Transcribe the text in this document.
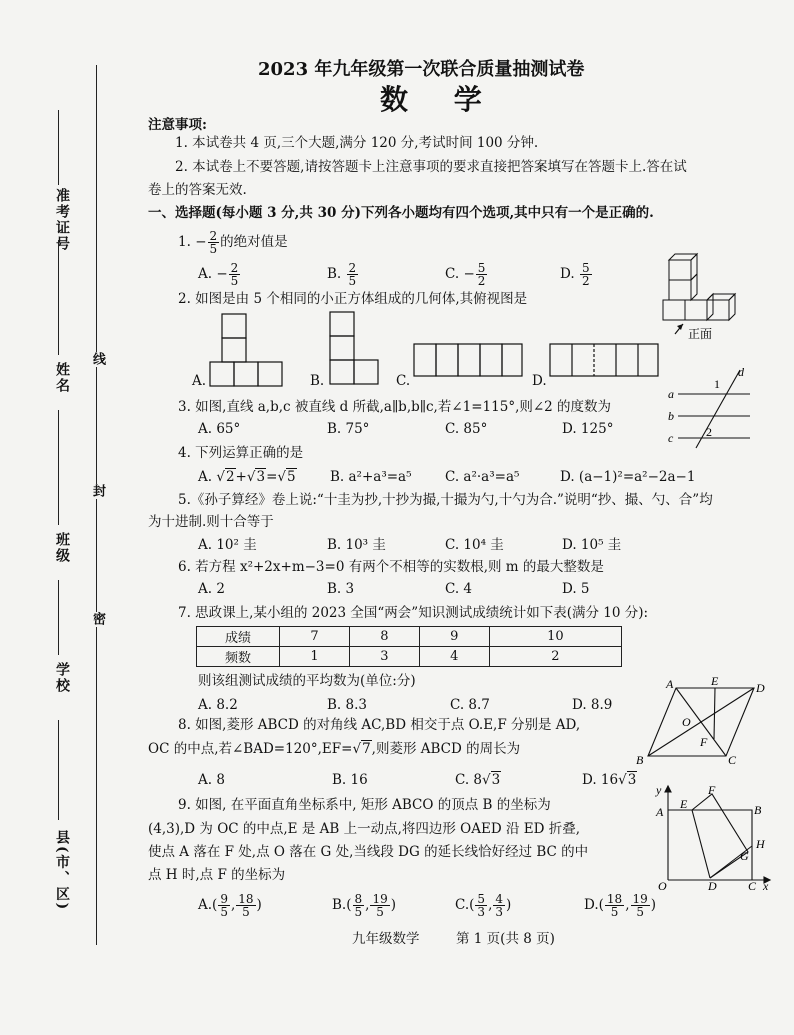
准考证号
姓名
班级
学校
县(市、区)
线
封
密
2023 年九年级第一次联合质量抽测试卷
数 学
注意事项:
1. 本试卷共 4 页,三个大题,满分 120 分,考试时间 100 分钟.
2. 本试卷上不要答题,请按答题卡上注意事项的要求直接把答案填写在答题卡上.答在试
卷上的答案无效.
一、选择题(每小题 3 分,共 30 分)下列各小题均有四个选项,其中只有一个是正确的.
1. − $\frac{2}{5}$ 的绝对值是
A. − $\frac{2}{5}$	B. $\frac{2}{5}$	C. − $\frac{5}{2}$	D. $\frac{5}{2}$
正面
2. 如图是由 5 个相同的小正方体组成的几何体,其俯视图是
A.	B.	C.	D.
3. 如图,直线 a,b,c 被直线 d 所截,a∥b,b∥c,若∠1=115°,则∠2 的度数为
A. 65°	B. 75°	C. 85°	D. 125°
a
b
c
d
1
2
4. 下列运算正确的是
A. √2+√3=√5	B. a²+a³=a⁵ C. a²·a³=a⁵	D. (a−1)²=a²−2a−1
5.《孙子算经》卷上说:“十圭为抄,十抄为撮,十撮为勺,十勺为合.”说明“抄、撮、勺、合”均
为十进制.则十合等于
A. 10² 圭	B. 10³ 圭	C. 10⁴ 圭	D. 10⁵ 圭
6. 若方程 x²+2x+m−3=0 有两个不相等的实数根,则 m 的最大整数是
A. 2	B. 3	C. 4	D. 5
7. 思政课上,某小组的 2023 全国“两会”知识测试成绩统计如下表(满分 10 分):
成绩	7	8	9	10
频数	1	3	4	2
则该组测试成绩的平均数为(单位:分)
A. 8.2	B. 8.3	C. 8.7	D. 8.9
A	E	D
O
F
B	C
8. 如图,菱形 ABCD 的对角线 AC,BD 相交于点 O.E,F 分别是 AD,
OC 的中点,若∠BAD=120°,EF=√7,则菱形 ABCD 的周长为
A. 8	B. 16	C. 8√3	D. 16√3
9. 如图, 在平面直角坐标系中, 矩形 ABCO 的顶点 B 的坐标为
(4,3),D 为 OC 的中点,E 是 AB 上一动点,将四边形 OAED 沿 ED 折叠,
使点 A 落在 F 处,点 O 落在 G 处,当线段 DG 的延长线恰好经过 BC 的中
点 H 时,点 F 的坐标为
y
x
A
E
F
B
H
G
O	D	C
$A.( \frac{9}{5}$ , $\frac{18}{5}$ )	$B.( \frac{8}{5}$ , $\frac{19}{5}$ )	$C.( \frac{5}{3}$ , $\frac{4}{3}$ )	$D.( \frac{18}{5}$ , $\frac{19}{5}$ )
九年级数学	第 1 页(共 8 页)
